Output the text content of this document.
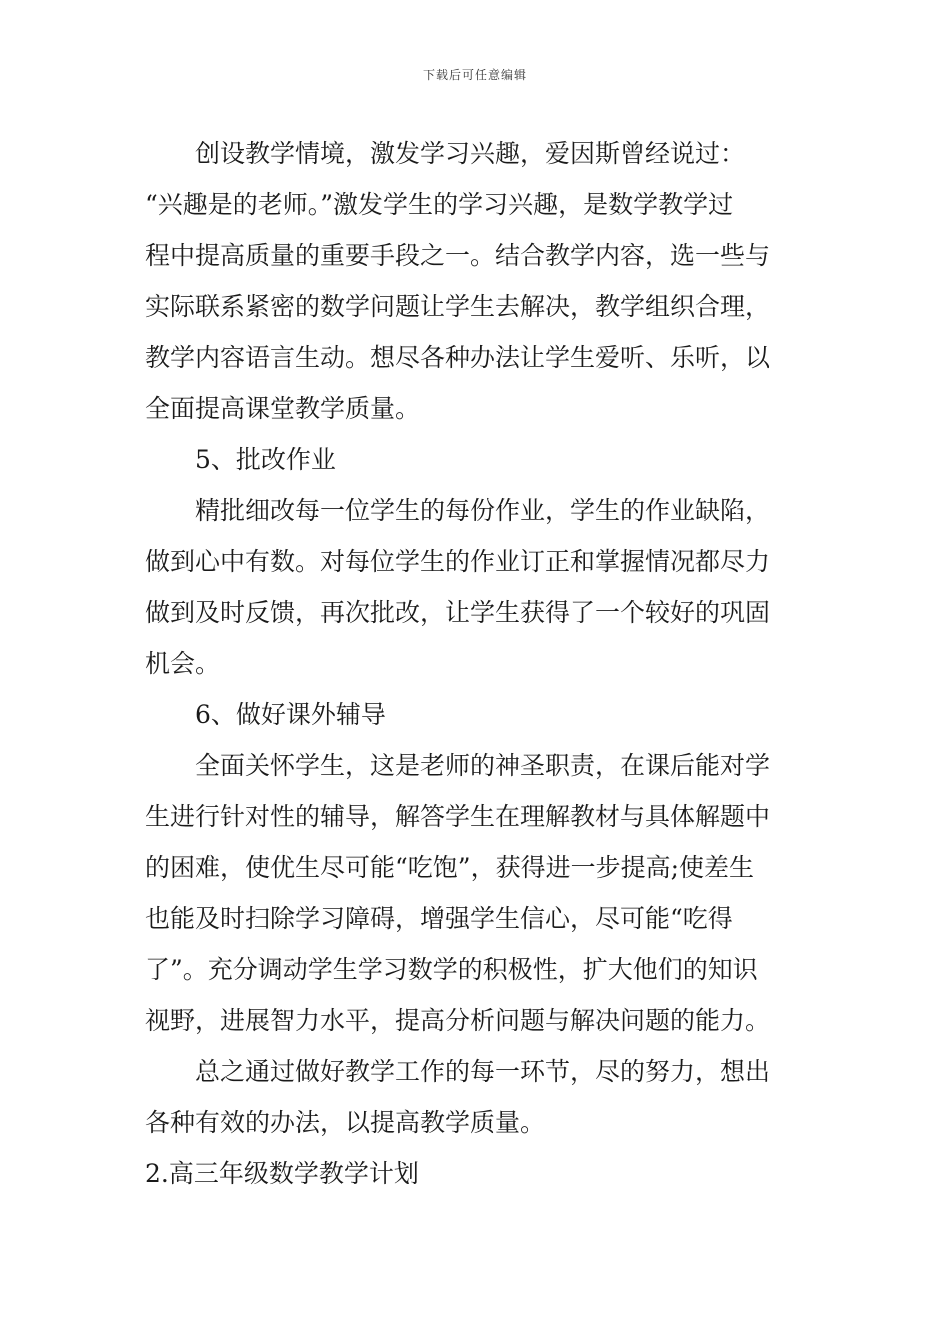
下载后可任意编辑

创设教学情境，激发学习兴趣，爱因斯曾经说过：
“兴趣是的老师。”激发学生的学习兴趣，是数学教学过
程中提高质量的重要手段之一。结合教学内容，选一些与
实际联系紧密的数学问题让学生去解决，教学组织合理，
教学内容语言生动。想尽各种办法让学生爱听、乐听，以
全面提高课堂教学质量。

5、批改作业

精批细改每一位学生的每份作业，学生的作业缺陷，
做到心中有数。对每位学生的作业订正和掌握情况都尽力
做到及时反馈，再次批改，让学生获得了一个较好的巩固
机会。

6、做好课外辅导

全面关怀学生，这是老师的神圣职责，在课后能对学
生进行针对性的辅导，解答学生在理解教材与具体解题中
的困难，使优生尽可能“吃饱”，获得进一步提高;使差生
也能及时扫除学习障碍，增强学生信心，尽可能“吃得
了”。充分调动学生学习数学的积极性，扩大他们的知识
视野，进展智力水平，提高分析问题与解决问题的能力。

总之通过做好教学工作的每一环节，尽的努力，想出
各种有效的办法，以提高教学质量。

2.高三年级数学教学计划
